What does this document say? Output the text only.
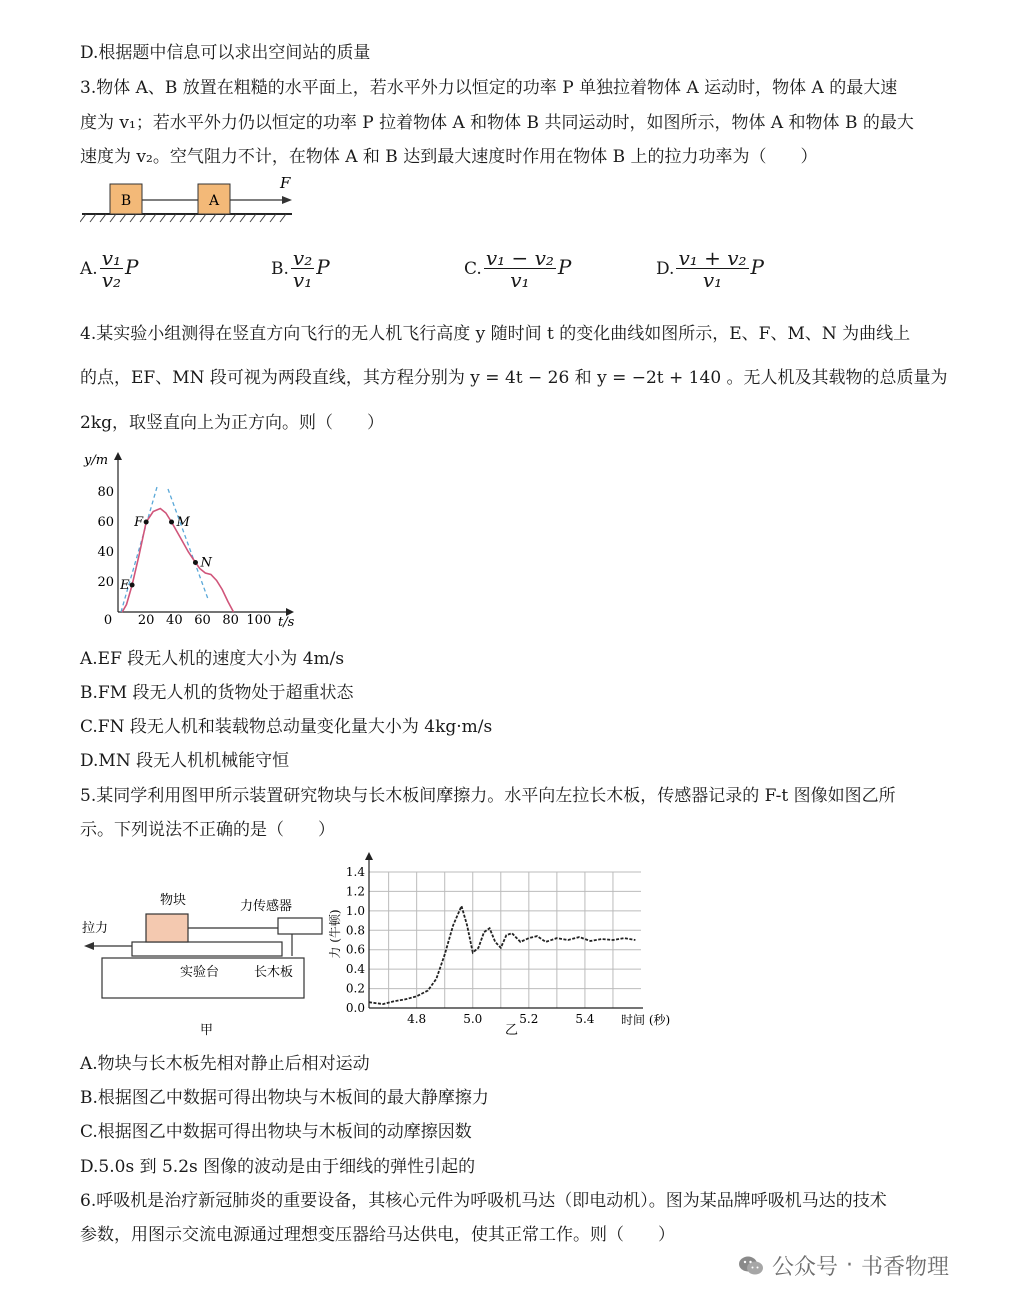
D.根据题中信息可以求出空间站的质量
3.物体 A、B 放置在粗糙的水平面上，若水平外力以恒定的功率 P 单独拉着物体 A 运动时，物体 A 的最大速
度为 v₁；若水平外力仍以恒定的功率 P 拉着物体 A 和物体 B 共同运动时，如图所示，物体 A 和物体 B 的最大
速度为 v₂。空气阻力不计，在物体 A 和 B 达到最大速度时作用在物体 B 上的拉力功率为（　　）
B	A
F
A. $\frac{\text{v₁}}{\text{v₂}}$ P	B. $\frac{\text{v₂}}{\text{v₁}}$ P	C. $\frac{\text{v₁ − v₂}}{\text{v₁}}$ P	D. $\frac{\text{v₁ + v₂}}{\text{v₁}}$ P
4.某实验小组测得在竖直方向飞行的无人机飞行高度 y 随时间 t 的变化曲线如图所示，E、F、M、N 为曲线上
的点，EF、MN 段可视为两段直线，其方程分别为 y = 4t − 26 和 y = −2t + 140 。无人机及其载物的总质量为
2kg，取竖直向上为正方向。则（　　）
y/m
t/s
0 20 40 60 80 100
20
40
60
80
E
F	M
N
A.EF 段无人机的速度大小为 4m/s
B.FM 段无人机的货物处于超重状态
C.FN 段无人机和装载物总动量变化量大小为 4kg·m/s
D.MN 段无人机机械能守恒
5.某同学利用图甲所示装置研究物块与长木板间摩擦力。水平向左拉长木板，传感器记录的 F-t 图像如图乙所
示。下列说法不正确的是（　　）
拉力
物块	力传感器
实验台	长木板
甲
力 (牛顿)
时间 (秒)
乙
4.8	5.0	5.2	5.4
0.0
0.2
0.4
0.6
0.8
1.0
1.2
1.4
A.物块与长木板先相对静止后相对运动
B.根据图乙中数据可得出物块与木板间的最大静摩擦力
C.根据图乙中数据可得出物块与木板间的动摩擦因数
D.5.0s 到 5.2s 图像的波动是由于细线的弹性引起的
6.呼吸机是治疗新冠肺炎的重要设备，其核心元件为呼吸机马达（即电动机）。图为某品牌呼吸机马达的技术
参数，用图示交流电源通过理想变压器给马达供电，使其正常工作。则（　　）
公众号 · 书香物理
